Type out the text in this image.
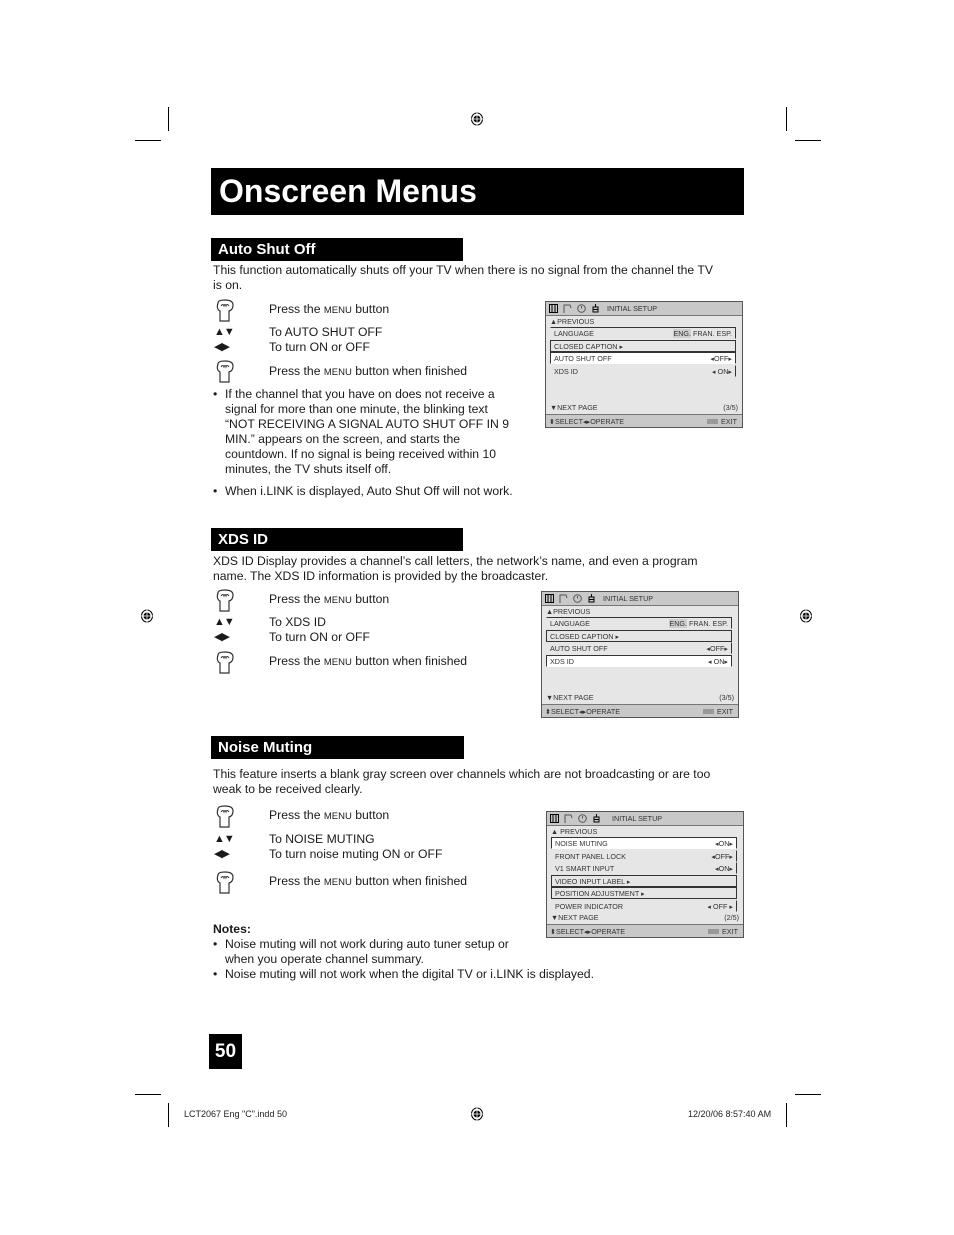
Onscreen Menus
Auto Shut Off
This function automatically shuts off your TV when there is no signal from the channel the TV is on.
Press the MENU button
▲▼	To AUTO SHUT OFF
◀▶	To turn ON or OFF
Press the MENU button when finished
• If the channel that you have on does not receive a signal for more than one minute, the blinking text “NOT RECEIVING A SIGNAL AUTO SHUT OFF IN 9 MIN.” appears on the screen, and starts the countdown. If no signal is being received within 10 minutes, the TV shuts itself off.
• When i.LINK is displayed, Auto Shut Off will not work.
INITIAL SETUP
▲PREVIOUS
LANGUAGE	ENG. FRAN. ESP.
CLOSED CAPTION ▸
AUTO SHUT OFF	◂OFF▸
XDS ID	◂ ON▸
▼NEXT PAGE	(3/5)
⬍SELECT◂▸OPERATE	EXIT
XDS ID
XDS ID Display provides a channel’s call letters, the network’s name, and even a program name. The XDS ID information is provided by the broadcaster.
Press the MENU button
▲▼	To XDS ID
◀▶	To turn ON or OFF
Press the MENU button when finished
INITIAL SETUP
▲PREVIOUS
LANGUAGE	ENG. FRAN. ESP.
CLOSED CAPTION ▸
AUTO SHUT OFF	◂OFF▸
XDS ID	◂ ON▸
▼NEXT PAGE	(3/5)
⬍SELECT◂▸OPERATE	EXIT
Noise Muting
This feature inserts a blank gray screen over channels which are not broadcasting or are too weak to be received clearly.
Press the MENU button
▲▼	To NOISE MUTING
◀▶	To turn noise muting ON or OFF
Press the MENU button when finished
Notes:
• Noise muting will not work during auto tuner setup or when you operate channel summary.
• Noise muting will not work when the digital TV or i.LINK is displayed.
INITIAL SETUP
▲ PREVIOUS
NOISE MUTING	◂ON▸
FRONT PANEL LOCK	◂OFF▸
V1 SMART INPUT	◂ON▸
VIDEO INPUT LABEL ▸
POSITION ADJUSTMENT ▸
POWER INDICATOR	◂ OFF ▸
▼NEXT PAGE	(2/5)
⬍SELECT◂▸OPERATE	EXIT
50
LCT2067 Eng "C".indd 50	12/20/06 8:57:40 AM
